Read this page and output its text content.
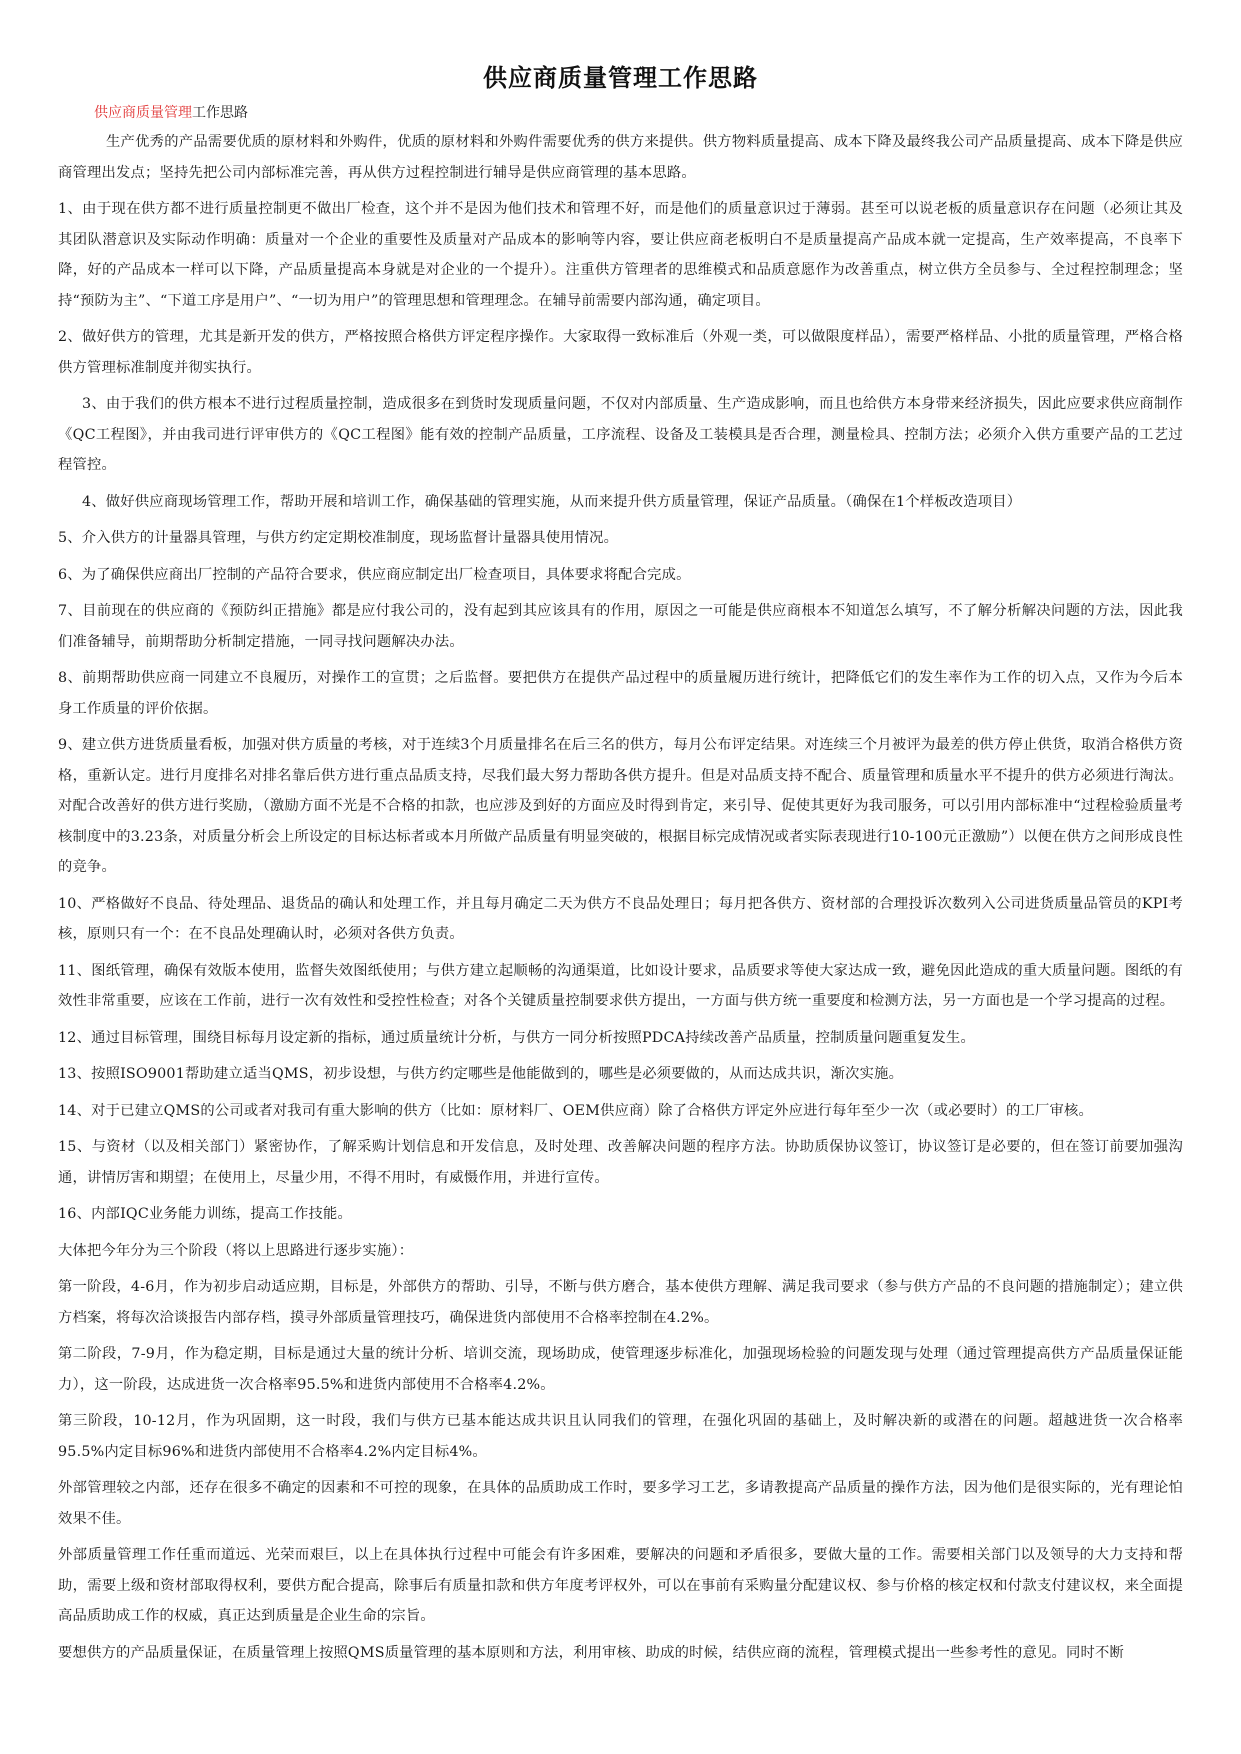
供应商质量管理工作思路
供应商质量管理工作思路

生产优秀的产品需要优质的原材料和外购件，优质的原材料和外购件需要优秀的供方来提供。供方物料质量提高、成本下降及最终我公司产品质量提高、成本下降是供应商管理出发点；坚持先把公司内部标准完善，再从供方过程控制进行辅导是供应商管理的基本思路。

1、由于现在供方都不进行质量控制更不做出厂检查，这个并不是因为他们技术和管理不好，而是他们的质量意识过于薄弱。甚至可以说老板的质量意识存在问题（必须让其及其团队潜意识及实际动作明确：质量对一个企业的重要性及质量对产品成本的影响等内容，要让供应商老板明白不是质量提高产品成本就一定提高，生产效率提高，不良率下降，好的产品成本一样可以下降，产品质量提高本身就是对企业的一个提升）。注重供方管理者的思维模式和品质意愿作为改善重点，树立供方全员参与、全过程控制理念；坚持“预防为主”、“下道工序是用户”、“一切为用户”的管理思想和管理理念。在辅导前需要内部沟通，确定项目。

2、做好供方的管理，尤其是新开发的供方，严格按照合格供方评定程序操作。大家取得一致标准后（外观一类，可以做限度样品），需要严格样品、小批的质量管理，严格合格供方管理标准制度并彻实执行。

3、由于我们的供方根本不进行过程质量控制，造成很多在到货时发现质量问题，不仅对内部质量、生产造成影响，而且也给供方本身带来经济损失，因此应要求供应商制作《QC工程图》，并由我司进行评审供方的《QC工程图》能有效的控制产品质量，工序流程、设备及工装模具是否合理，测量检具、控制方法；必须介入供方重要产品的工艺过程管控。

4、做好供应商现场管理工作，帮助开展和培训工作，确保基础的管理实施，从而来提升供方质量管理，保证产品质量。（确保在1个样板改造项目）

5、介入供方的计量器具管理，与供方约定定期校准制度，现场监督计量器具使用情况。

6、为了确保供应商出厂控制的产品符合要求，供应商应制定出厂检查项目，具体要求将配合完成。

7、目前现在的供应商的《预防纠正措施》都是应付我公司的，没有起到其应该具有的作用，原因之一可能是供应商根本不知道怎么填写，不了解分析解决问题的方法，因此我们准备辅导，前期帮助分析制定措施，一同寻找问题解决办法。

8、前期帮助供应商一同建立不良履历，对操作工的宣贯；之后监督。要把供方在提供产品过程中的质量履历进行统计，把降低它们的发生率作为工作的切入点，又作为今后本身工作质量的评价依据。

9、建立供方进货质量看板，加强对供方质量的考核，对于连续3个月质量排名在后三名的供方，每月公布评定结果。对连续三个月被评为最差的供方停止供货，取消合格供方资格，重新认定。进行月度排名对排名靠后供方进行重点品质支持，尽我们最大努力帮助各供方提升。但是对品质支持不配合、质量管理和质量水平不提升的供方必须进行淘汰。对配合改善好的供方进行奖励，（激励方面不光是不合格的扣款，也应涉及到好的方面应及时得到肯定，来引导、促使其更好为我司服务，可以引用内部标准中“过程检验质量考核制度中的3.23条，对质量分析会上所设定的目标达标者或本月所做产品质量有明显突破的，根据目标完成情况或者实际表现进行10-100元正激励”）以便在供方之间形成良性的竞争。

10、严格做好不良品、待处理品、退货品的确认和处理工作，并且每月确定二天为供方不良品处理日；每月把各供方、资材部的合理投诉次数列入公司进货质量品管员的KPI考核，原则只有一个：在不良品处理确认时，必须对各供方负责。

11、图纸管理，确保有效版本使用，监督失效图纸使用；与供方建立起顺畅的沟通渠道，比如设计要求，品质要求等使大家达成一致，避免因此造成的重大质量问题。图纸的有效性非常重要，应该在工作前，进行一次有效性和受控性检查；对各个关键质量控制要求供方提出，一方面与供方统一重要度和检测方法，另一方面也是一个学习提高的过程。

12、通过目标管理，围绕目标每月设定新的指标，通过质量统计分析，与供方一同分析按照PDCA持续改善产品质量，控制质量问题重复发生。

13、按照ISO9001帮助建立适当QMS，初步设想，与供方约定哪些是他能做到的，哪些是必须要做的，从而达成共识，渐次实施。

14、对于已建立QMS的公司或者对我司有重大影响的供方（比如：原材料厂、OEM供应商）除了合格供方评定外应进行每年至少一次（或必要时）的工厂审核。

15、与资材（以及相关部门）紧密协作，了解采购计划信息和开发信息，及时处理、改善解决问题的程序方法。协助质保协议签订，协议签订是必要的，但在签订前要加强沟通，讲情厉害和期望；在使用上，尽量少用，不得不用时，有威慑作用，并进行宣传。

16、内部IQC业务能力训练，提高工作技能。

大体把今年分为三个阶段（将以上思路进行逐步实施）：

第一阶段，4-6月，作为初步启动适应期，目标是，外部供方的帮助、引导，不断与供方磨合，基本使供方理解、满足我司要求（参与供方产品的不良问题的措施制定）；建立供方档案，将每次洽谈报告内部存档，摸寻外部质量管理技巧，确保进货内部使用不合格率控制在4.2%。

第二阶段，7-9月，作为稳定期，目标是通过大量的统计分析、培训交流，现场助成，使管理逐步标准化，加强现场检验的问题发现与处理（通过管理提高供方产品质量保证能力），这一阶段，达成进货一次合格率95.5%和进货内部使用不合格率4.2%。

第三阶段，10-12月，作为巩固期，这一时段，我们与供方已基本能达成共识且认同我们的管理，在强化巩固的基础上，及时解决新的或潜在的问题。超越进货一次合格率95.5%内定目标96%和进货内部使用不合格率4.2%内定目标4%。

外部管理较之内部，还存在很多不确定的因素和不可控的现象，在具体的品质助成工作时，要多学习工艺，多请教提高产品质量的操作方法，因为他们是很实际的，光有理论怕效果不佳。

外部质量管理工作任重而道远、光荣而艰巨，以上在具体执行过程中可能会有许多困难，要解决的问题和矛盾很多，要做大量的工作。需要相关部门以及领导的大力支持和帮助，需要上级和资材部取得权利，要供方配合提高，除事后有质量扣款和供方年度考评权外，可以在事前有采购量分配建议权、参与价格的核定权和付款支付建议权，来全面提高品质助成工作的权威，真正达到质量是企业生命的宗旨。

要想供方的产品质量保证，在质量管理上按照QMS质量管理的基本原则和方法，利用审核、助成的时候，结供应商的流程，管理模式提出一些参考性的意见。同时不断
